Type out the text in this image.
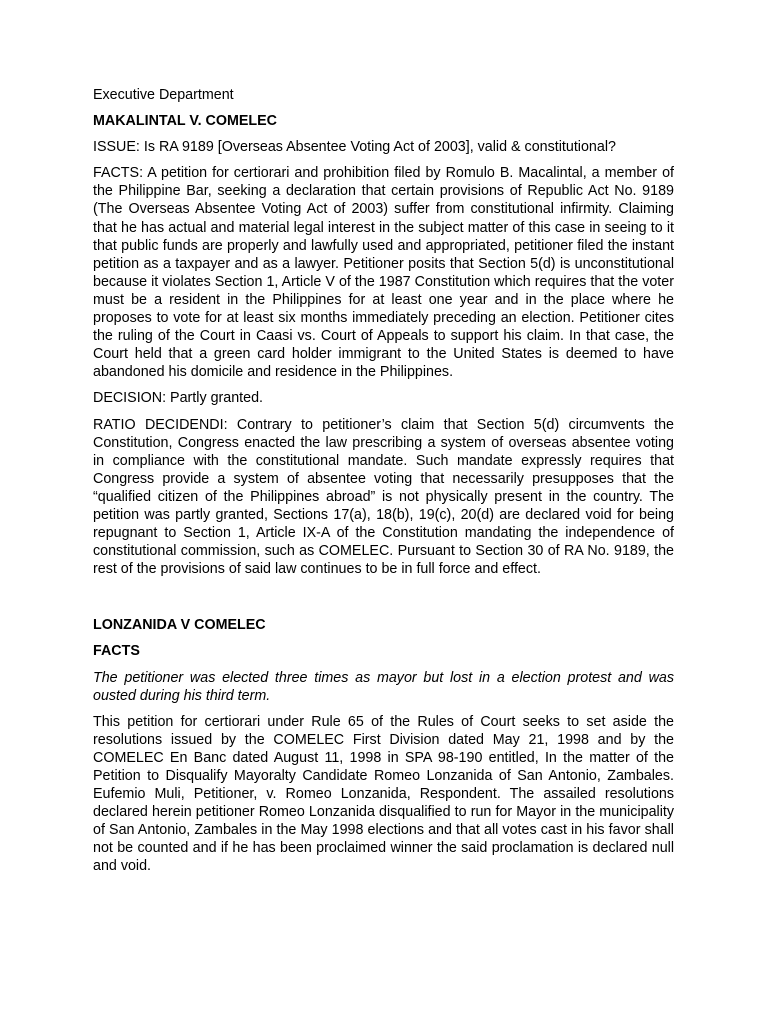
Executive Department

MAKALINTAL V. COMELEC

ISSUE: Is RA 9189 [Overseas Absentee Voting Act of 2003], valid & constitutional?

FACTS: A petition for certiorari and prohibition filed by Romulo B. Macalintal, a member of the Philippine Bar, seeking a declaration that certain provisions of Republic Act No. 9189 (The Overseas Absentee Voting Act of 2003) suffer from constitutional infirmity. Claiming that he has actual and material legal interest in the subject matter of this case in seeing to it that public funds are properly and lawfully used and appropriated, petitioner filed the instant petition as a taxpayer and as a lawyer. Petitioner posits that Section 5(d) is unconstitutional because it violates Section 1, Article V of the 1987 Constitution which requires that the voter must be a resident in the Philippines for at least one year and in the place where he proposes to vote for at least six months immediately preceding an election. Petitioner cites the ruling of the Court in Caasi vs. Court of Appeals to support his claim. In that case, the Court held that a green card holder immigrant to the United States is deemed to have abandoned his domicile and residence in the Philippines.

DECISION: Partly granted.

RATIO DECIDENDI: Contrary to petitioner’s claim that Section 5(d) circumvents the Constitution, Congress enacted the law prescribing a system of overseas absentee voting in compliance with the constitutional mandate. Such mandate expressly requires that Congress provide a system of absentee voting that necessarily presupposes that the “qualified citizen of the Philippines abroad” is not physically present in the country. The petition was partly granted, Sections 17(a), 18(b), 19(c), 20(d) are declared void for being repugnant to Section 1, Article IX-A of the Constitution mandating the independence of constitutional commission, such as COMELEC. Pursuant to Section 30 of RA No. 9189, the rest of the provisions of said law continues to be in full force and effect.

LONZANIDA V COMELEC

FACTS

The petitioner was elected three times as mayor but lost in a election protest and was ousted during his third term.

This petition for certiorari under Rule 65 of the Rules of Court seeks to set aside the resolutions issued by the COMELEC First Division dated May 21, 1998 and by the COMELEC En Banc dated August 11, 1998 in SPA 98-190 entitled, In the matter of the Petition to Disqualify Mayoralty Candidate Romeo Lonzanida of San Antonio, Zambales. Eufemio Muli, Petitioner, v. Romeo Lonzanida, Respondent. The assailed resolutions declared herein petitioner Romeo Lonzanida disqualified to run for Mayor in the municipality of San Antonio, Zambales in the May 1998 elections and that all votes cast in his favor shall not be counted and if he has been proclaimed winner the said proclamation is declared null and void.
